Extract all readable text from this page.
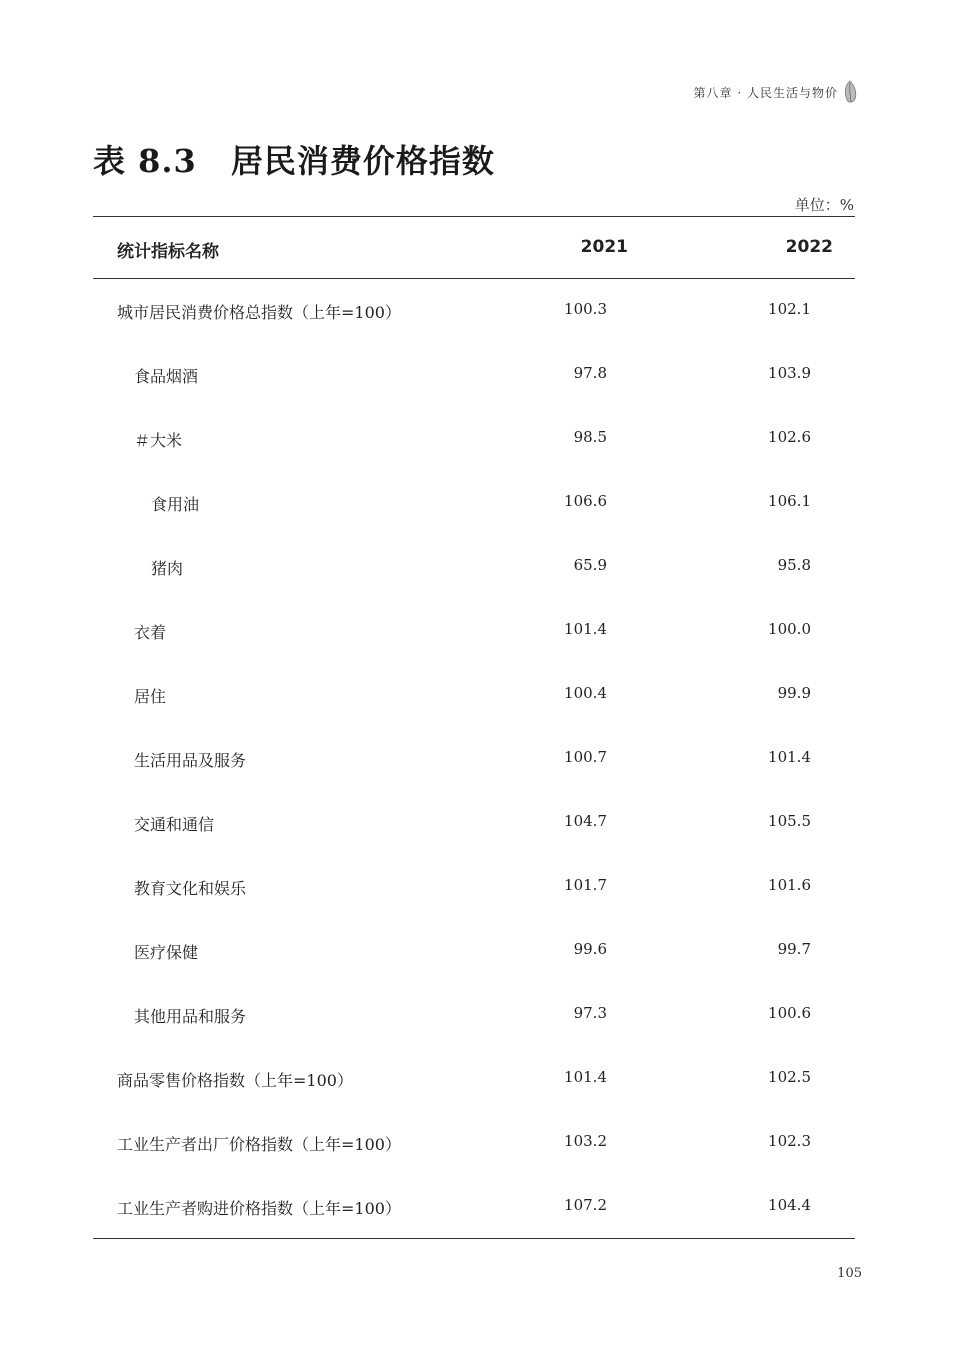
第八章 · 人民生活与物价
表 8.3 居民消费价格指数
单位：%
统计指标名称	2021	2022
城市居民消费价格总指数（上年=100）	100.3	102.1
食品烟酒	97.8	103.9
＃大米	98.5	102.6
食用油	106.6	106.1
猪肉	65.9	95.8
衣着	101.4	100.0
居住	100.4	99.9
生活用品及服务	100.7	101.4
交通和通信	104.7	105.5
教育文化和娱乐	101.7	101.6
医疗保健	99.6	99.7
其他用品和服务	97.3	100.6
商品零售价格指数（上年=100）	101.4	102.5
工业生产者出厂价格指数（上年=100）	103.2	102.3
工业生产者购进价格指数（上年=100）	107.2	104.4
105
